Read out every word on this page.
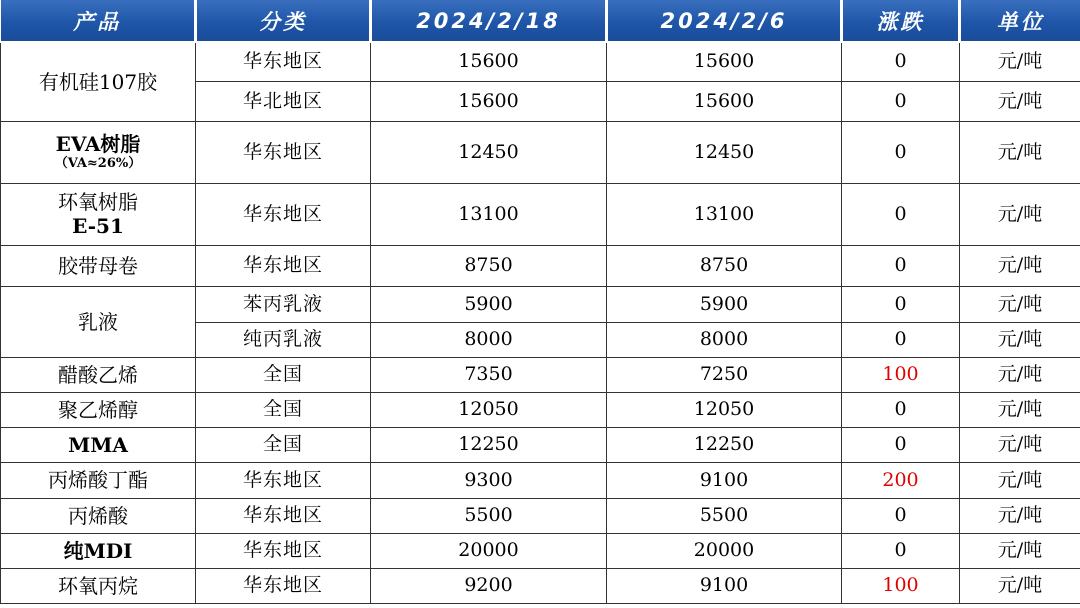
产品	分类	2024/2/18	2024/2/6	涨跌	单位
有机硅107胶	华东地区	15600	15600	0	元/吨
	华北地区	15600	15600	0	元/吨
EVA树脂
（VA≈26%）	华东地区	12450	12450	0	元/吨
环氧树脂
E-51	华东地区	13100	13100	0	元/吨
胶带母卷	华东地区	8750	8750	0	元/吨
乳液	苯丙乳液	5900	5900	0	元/吨
	纯丙乳液	8000	8000	0	元/吨
醋酸乙烯	全国	7350	7250	100	元/吨
聚乙烯醇	全国	12050	12050	0	元/吨
MMA	全国	12250	12250	0	元/吨
丙烯酸丁酯	华东地区	9300	9100	200	元/吨
丙烯酸	华东地区	5500	5500	0	元/吨
纯MDI	华东地区	20000	20000	0	元/吨
环氧丙烷	华东地区	9200	9100	100	元/吨
